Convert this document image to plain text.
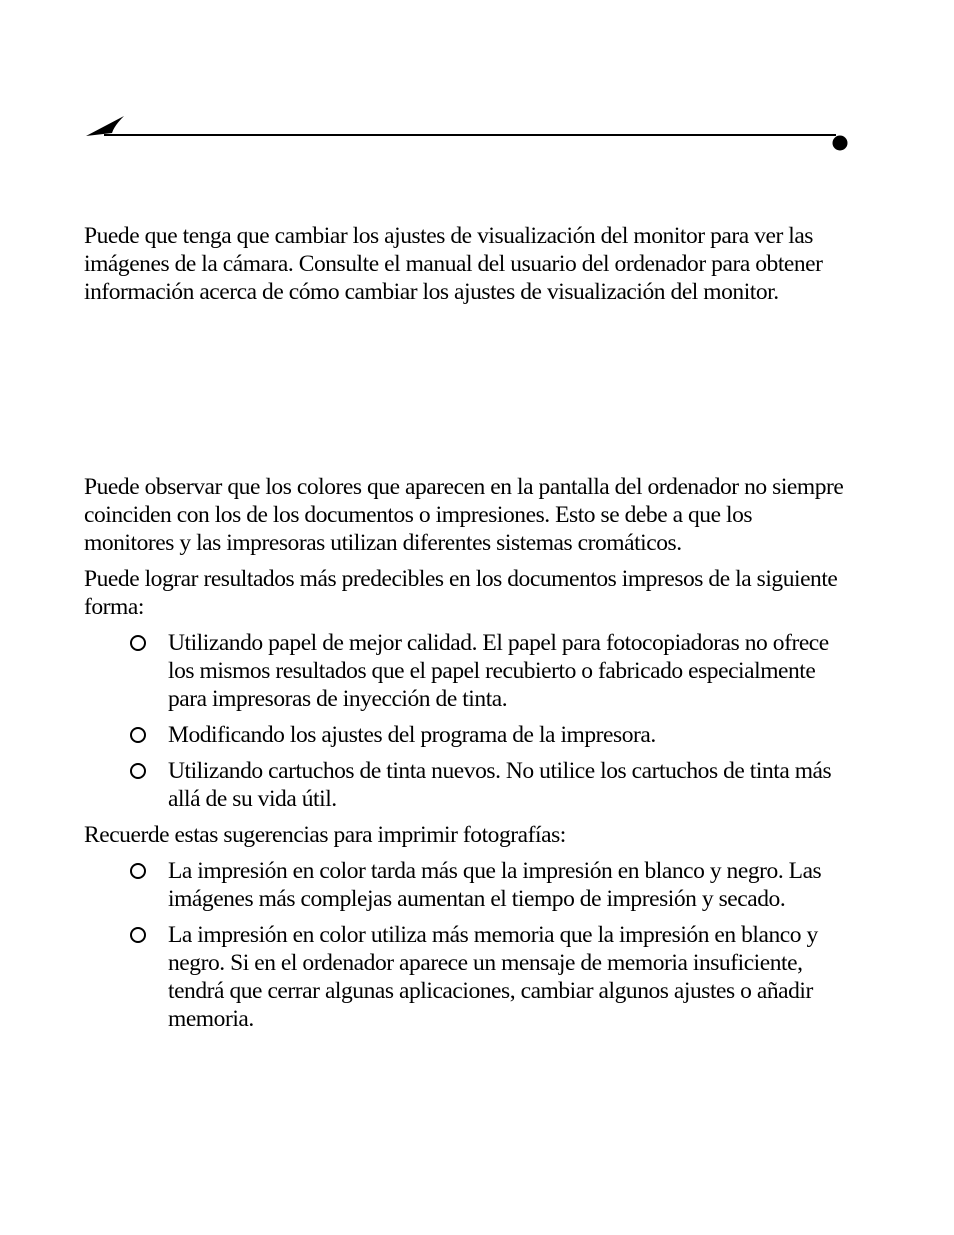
Puede que tenga que cambiar los ajustes de visualización del monitor para ver las imágenes de la cámara. Consulte el manual del usuario del ordenador para obtener información acerca de cómo cambiar los ajustes de visualización del monitor.

Puede observar que los colores que aparecen en la pantalla del ordenador no siempre coinciden con los de los documentos o impresiones. Esto se debe a que los monitores y las impresoras utilizan diferentes sistemas cromáticos.

Puede lograr resultados más predecibles en los documentos impresos de la siguiente forma:

Utilizando papel de mejor calidad. El papel para fotocopiadoras no ofrece los mismos resultados que el papel recubierto o fabricado especialmente para impresoras de inyección de tinta.
Modificando los ajustes del programa de la impresora.
Utilizando cartuchos de tinta nuevos. No utilice los cartuchos de tinta más allá de su vida útil.

Recuerde estas sugerencias para imprimir fotografías:

La impresión en color tarda más que la impresión en blanco y negro. Las imágenes más complejas aumentan el tiempo de impresión y secado.
La impresión en color utiliza más memoria que la impresión en blanco y negro. Si en el ordenador aparece un mensaje de memoria insuficiente, tendrá que cerrar algunas aplicaciones, cambiar algunos ajustes o añadir memoria.
